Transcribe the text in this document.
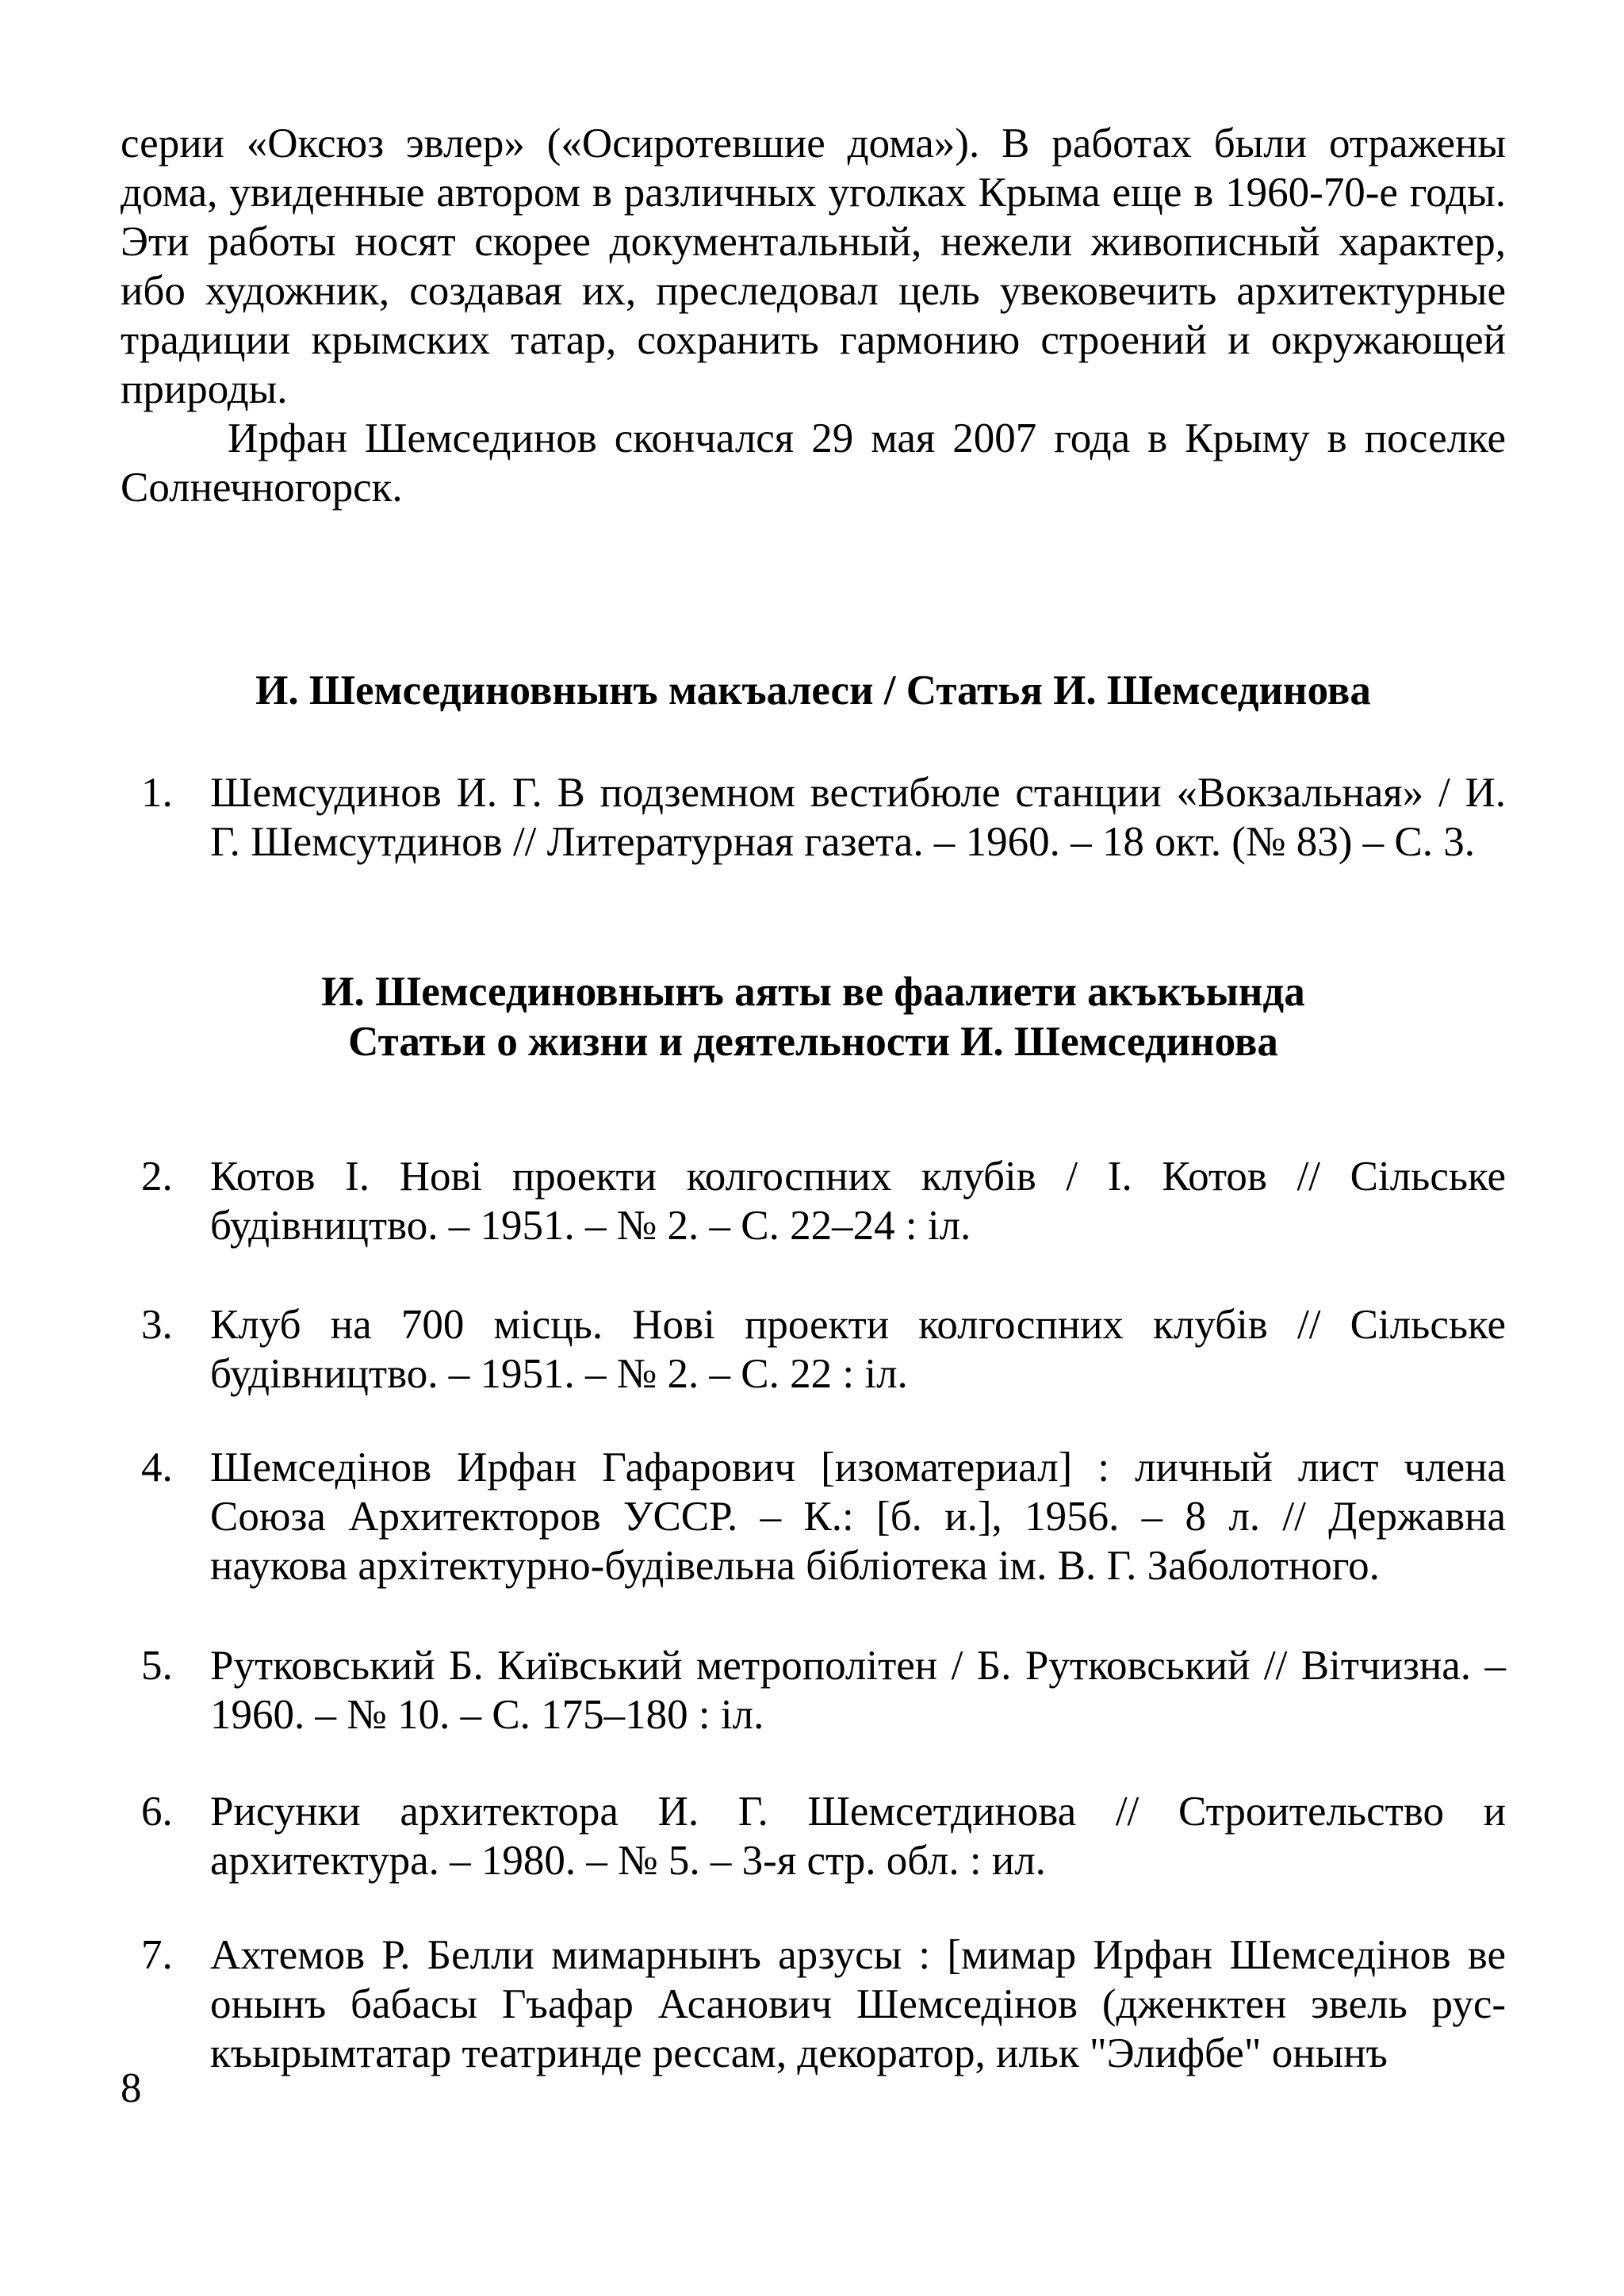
серии «Оксюз эвлер» («Осиротевшие дома»). В работах были отражены дома, увиденные автором в различных уголках Крыма еще в 1960-70-е годы. Эти работы носят скорее документальный, нежели живописный характер, ибо художник, создавая их, преследовал цель увековечить архитектурные традиции крымских татар, сохранить гармонию строений и окружающей природы.

Ирфан Шемсединов скончался 29 мая 2007 года в Крыму в поселке Солнечногорск.

И. Шемсединовнынъ макъалеси / Статья И. Шемсединова
1. Шемсудинов И. Г. В подземном вестибюле станции «Вокзальная» / И. Г. Шемсутдинов // Литературная газета. – 1960. – 18 окт. (№ 83) – С. 3.
И. Шемсединовнынъ аяты ве фаалиети акъкъында
Статьи о жизни и деятельности И. Шемсединова
2. Котов І. Нові проекти колгоспних клубів / І. Котов // Сільське будівництво. – 1951. – № 2. – С. 22–24 : іл.
3. Клуб на 700 місць. Нові проекти колгоспних клубів // Сільське будівництво. – 1951. – № 2. – С. 22 : іл.
4. Шемседінов Ирфан Гафарович [изоматериал] : личный лист члена Союза Архитекторов УССР. – К.: [б. и.], 1956. – 8 л. // Державна наукова архітектурно-будівельна бібліотека ім. В. Г. Заболотного.
5. Рутковський Б. Київський метрополітен / Б. Рутковський // Вітчизна. – 1960. – № 10. – С. 175–180 : іл.
6. Рисунки архитектора И. Г. Шемсетдинова // Строительство и архитектура. – 1980. – № 5. – 3-я стр. обл. : ил.
7. Ахтемов Р. Белли мимарнынъ арзусы : [мимар Ирфан Шемседінов ве онынъ бабасы Гъафар Асанович Шемседінов (дженктен эвель рус-къырымтатар театринде рессам, декоратор, ильк "Элифбе" онынъ
8
